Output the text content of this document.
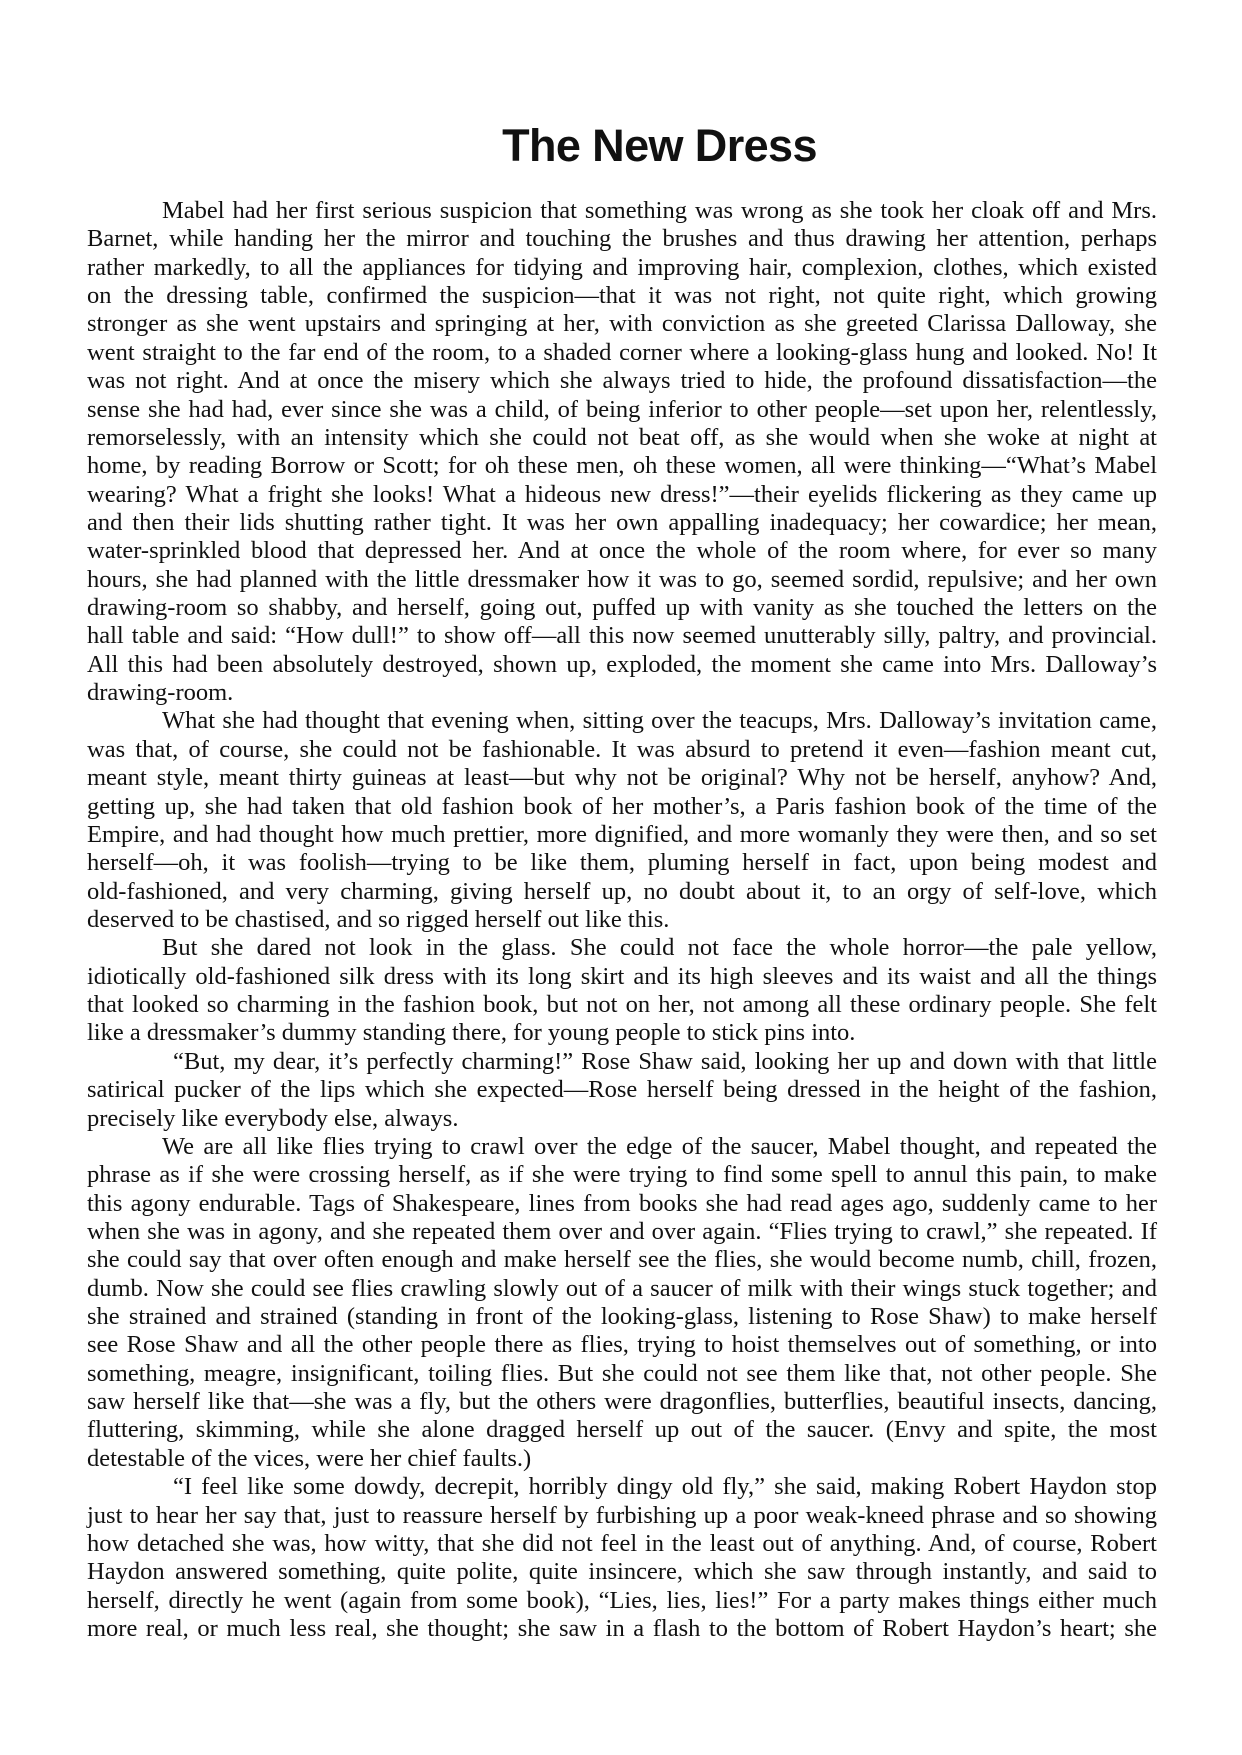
The New Dress
Mabel had her first serious suspicion that something was wrong as she took her cloak off and Mrs.
Barnet, while handing her the mirror and touching the brushes and thus drawing her attention, perhaps
rather markedly, to all the appliances for tidying and improving hair, complexion, clothes, which existed
on the dressing table, confirmed the suspicion—that it was not right, not quite right, which growing
stronger as she went upstairs and springing at her, with conviction as she greeted Clarissa Dalloway, she
went straight to the far end of the room, to a shaded corner where a looking-glass hung and looked. No! It
was not right. And at once the misery which she always tried to hide, the profound dissatisfaction—the
sense she had had, ever since she was a child, of being inferior to other people—set upon her, relentlessly,
remorselessly, with an intensity which she could not beat off, as she would when she woke at night at
home, by reading Borrow or Scott; for oh these men, oh these women, all were thinking—“What’s Mabel
wearing? What a fright she looks! What a hideous new dress!”—their eyelids flickering as they came up
and then their lids shutting rather tight. It was her own appalling inadequacy; her cowardice; her mean,
water-sprinkled blood that depressed her. And at once the whole of the room where, for ever so many
hours, she had planned with the little dressmaker how it was to go, seemed sordid, repulsive; and her own
drawing-room so shabby, and herself, going out, puffed up with vanity as she touched the letters on the
hall table and said: “How dull!” to show off—all this now seemed unutterably silly, paltry, and provincial.
All this had been absolutely destroyed, shown up, exploded, the moment she came into Mrs. Dalloway’s
drawing-room.
What she had thought that evening when, sitting over the teacups, Mrs. Dalloway’s invitation came,
was that, of course, she could not be fashionable. It was absurd to pretend it even—fashion meant cut,
meant style, meant thirty guineas at least—but why not be original? Why not be herself, anyhow? And,
getting up, she had taken that old fashion book of her mother’s, a Paris fashion book of the time of the
Empire, and had thought how much prettier, more dignified, and more womanly they were then, and so set
herself—oh, it was foolish—trying to be like them, pluming herself in fact, upon being modest and
old-fashioned, and very charming, giving herself up, no doubt about it, to an orgy of self-love, which
deserved to be chastised, and so rigged herself out like this.
But she dared not look in the glass. She could not face the whole horror—the pale yellow,
idiotically old-fashioned silk dress with its long skirt and its high sleeves and its waist and all the things
that looked so charming in the fashion book, but not on her, not among all these ordinary people. She felt
like a dressmaker’s dummy standing there, for young people to stick pins into.
“But, my dear, it’s perfectly charming!” Rose Shaw said, looking her up and down with that little
satirical pucker of the lips which she expected—Rose herself being dressed in the height of the fashion,
precisely like everybody else, always.
We are all like flies trying to crawl over the edge of the saucer, Mabel thought, and repeated the
phrase as if she were crossing herself, as if she were trying to find some spell to annul this pain, to make
this agony endurable. Tags of Shakespeare, lines from books she had read ages ago, suddenly came to her
when she was in agony, and she repeated them over and over again. “Flies trying to crawl,” she repeated. If
she could say that over often enough and make herself see the flies, she would become numb, chill, frozen,
dumb. Now she could see flies crawling slowly out of a saucer of milk with their wings stuck together; and
she strained and strained (standing in front of the looking-glass, listening to Rose Shaw) to make herself
see Rose Shaw and all the other people there as flies, trying to hoist themselves out of something, or into
something, meagre, insignificant, toiling flies. But she could not see them like that, not other people. She
saw herself like that—she was a fly, but the others were dragonflies, butterflies, beautiful insects, dancing,
fluttering, skimming, while she alone dragged herself up out of the saucer. (Envy and spite, the most
detestable of the vices, were her chief faults.)
“I feel like some dowdy, decrepit, horribly dingy old fly,” she said, making Robert Haydon stop
just to hear her say that, just to reassure herself by furbishing up a poor weak-kneed phrase and so showing
how detached she was, how witty, that she did not feel in the least out of anything. And, of course, Robert
Haydon answered something, quite polite, quite insincere, which she saw through instantly, and said to
herself, directly he went (again from some book), “Lies, lies, lies!” For a party makes things either much
more real, or much less real, she thought; she saw in a flash to the bottom of Robert Haydon’s heart; she
